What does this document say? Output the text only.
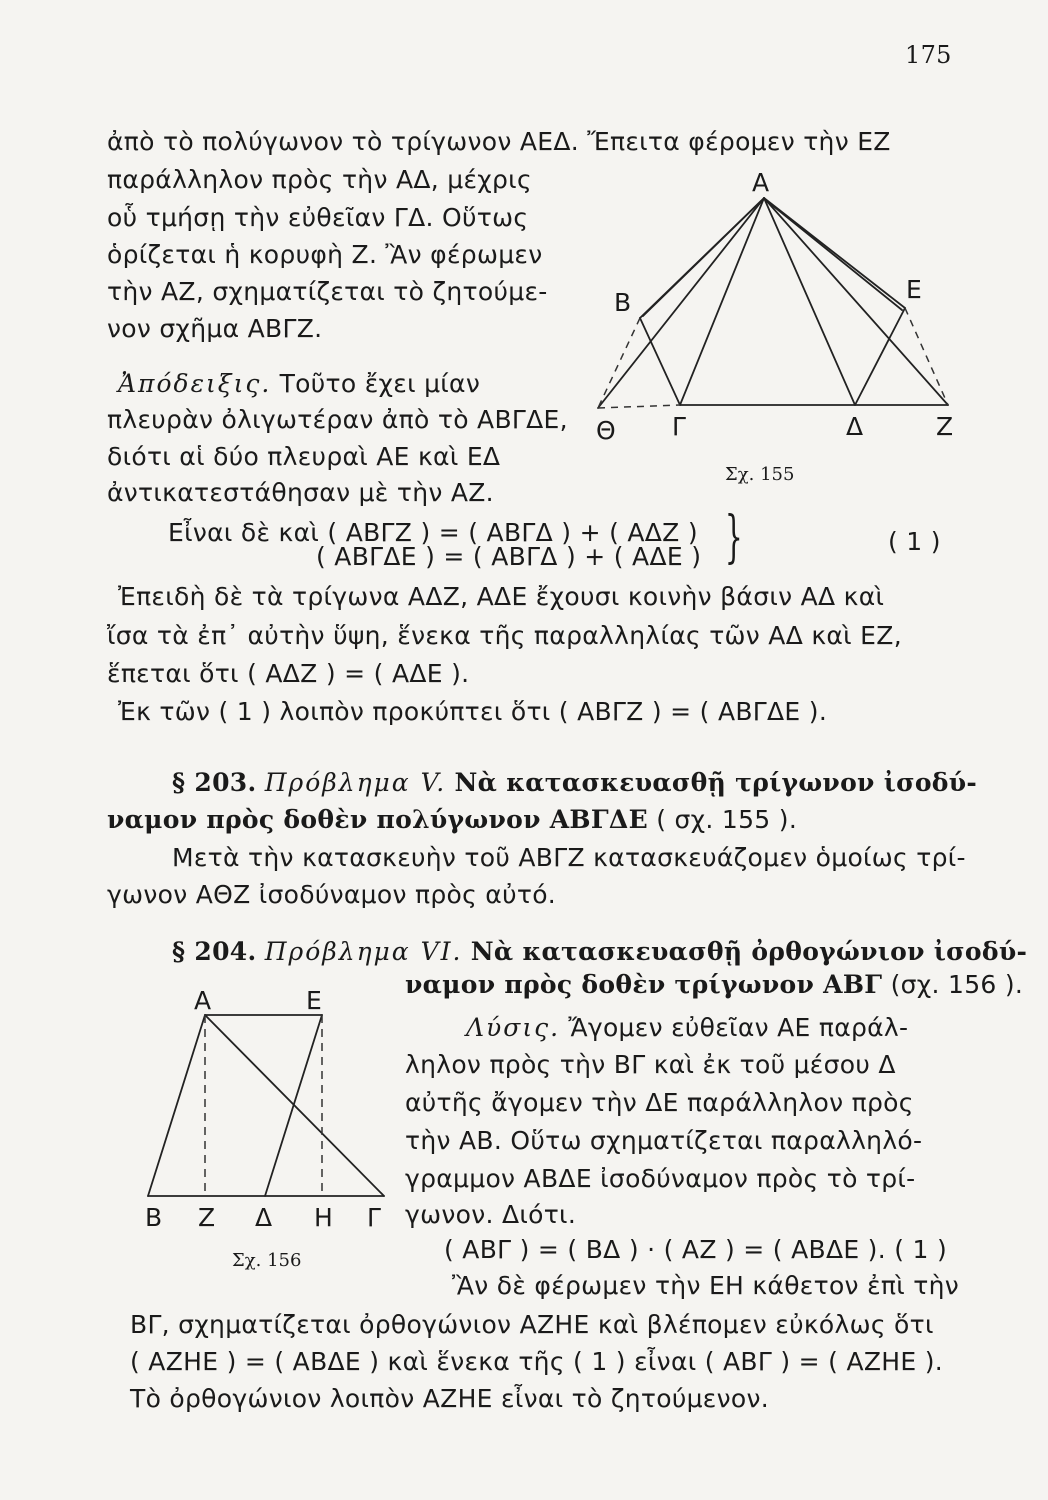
175
ἀπὸ τὸ πολύγωνον τὸ τρίγωνον ΑΕΔ. Ἔπειτα φέρομεν τὴν ΕΖ
παράλληλον πρὸς τὴν ΑΔ, μέχρις
οὗ τμήσῃ τὴν εὐθεῖαν ΓΔ. Οὕτως
ὁρίζεται ἡ κορυφὴ Ζ. Ἂν φέρωμεν
τὴν ΑΖ, σχηματίζεται τὸ ζητούμε-
νον σχῆμα ΑΒΓΖ.
Ἀπόδειξις. Τοῦτο ἔχει μίαν
πλευρὰν ὀλιγωτέραν ἀπὸ τὸ ΑΒΓΔΕ,
διότι αἱ δύο πλευραὶ ΑΕ καὶ ΕΔ
ἀντικατεστάθησαν μὲ τὴν ΑΖ.
Α
Β	Ε
Θ Γ	Δ	Ζ
Σχ. 155
Εἶναι δὲ καὶ ( ΑΒΓΖ ) = ( ΑΒΓΔ ) + ( ΑΔΖ )
( ΑΒΓΔΕ ) = ( ΑΒΓΔ ) + ( ΑΔΕ ) }	( 1 )
Ἐπειδὴ δὲ τὰ τρίγωνα ΑΔΖ, ΑΔΕ ἔχουσι κοινὴν βάσιν ΑΔ καὶ
ἴσα τὰ ἐπ᾽ αὐτὴν ὕψη, ἕνεκα τῆς παραλληλίας τῶν ΑΔ καὶ ΕΖ,
ἕπεται ὅτι ( ΑΔΖ ) = ( ΑΔΕ ).
Ἐκ τῶν ( 1 ) λοιπὸν προκύπτει ὅτι ( ΑΒΓΖ ) = ( ΑΒΓΔΕ ).
§ 203. Πρόβλημα V. Νὰ κατασκευασθῇ τρίγωνον ἰσοδύ-
ναμον πρὸς δοθὲν πολύγωνον ΑΒΓΔΕ ( σχ. 155 ).
Μετὰ τὴν κατασκευὴν τοῦ ΑΒΓΖ κατασκευάζομεν ὁμοίως τρί-
γωνον ΑΘΖ ἰσοδύναμον πρὸς αὐτό.
§ 204. Πρόβλημα VI. Νὰ κατασκευασθῇ ὀρθογώνιον ἰσοδύ-
ναμον πρὸς δοθὲν τρίγωνον ΑΒΓ (σχ. 156 ).
Λύσις. Ἄγομεν εὐθεῖαν ΑΕ παράλ-
ληλον πρὸς τὴν ΒΓ καὶ ἐκ τοῦ μέσου Δ
αὐτῆς ἄγομεν τὴν ΔΕ παράλληλον πρὸς
τὴν ΑΒ. Οὕτω σχηματίζεται παραλληλό-
γραμμον ΑΒΔΕ ἰσοδύναμον πρὸς τὸ τρί-
γωνον. Διότι.
( ΑΒΓ ) = ( ΒΔ ) · ( ΑΖ ) = ( ΑΒΔΕ ). ( 1 )
Ἂν δὲ φέρωμεν τὴν ΕΗ κάθετον ἐπὶ τὴν
ΒΓ, σχηματίζεται ὀρθογώνιον ΑΖΗΕ καὶ βλέπομεν εὐκόλως ὅτι
( ΑΖΗΕ ) = ( ΑΒΔΕ ) καὶ ἕνεκα τῆς ( 1 ) εἶναι ( ΑΒΓ ) = ( ΑΖΗΕ ).
Τὸ ὀρθογώνιον λοιπὸν ΑΖΗΕ εἶναι τὸ ζητούμενον.
Α	Ε
Β Ζ Δ Η Γ
Σχ. 156
